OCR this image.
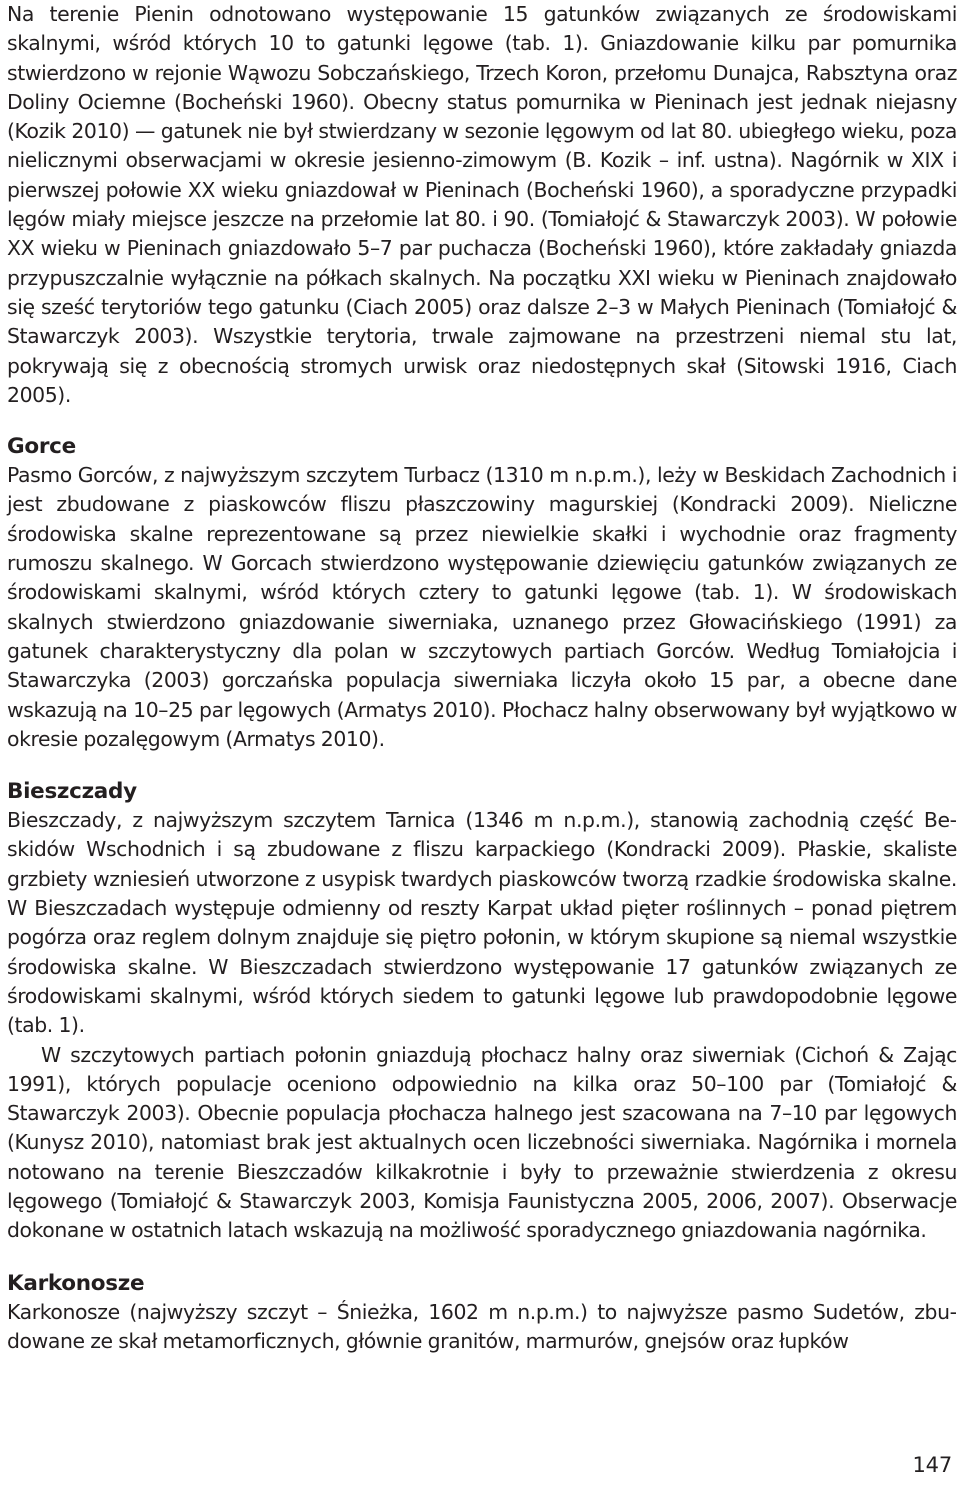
Na terenie Pienin odnotowano występowanie 15 gatunków związanych ze środowiskami skalnymi, wśród których 10 to gatunki lęgowe (tab. 1). Gniazdowanie kilku par pomurnika stwierdzono w rejonie Wąwozu Sobczańskiego, Trzech Koron, przełomu Dunajca, Rabsztyna oraz Doliny Ociemne (Bocheński 1960). Obecny status pomurnika w Pieninach jest jednak niejasny (Kozik 2010) — gatunek nie był stwierdzany w sezonie lęgowym od lat 80. ubiegłego wieku, poza nielicznymi obserwacjami w okresie jesienno-zimowym (B. Kozik – inf. ustna). Nagórnik w XIX i pierwszej połowie XX wieku gniazdował w Pieninach (Bocheński 1960), a sporadyczne przypadki lęgów miały miejsce jeszcze na przełomie lat 80. i 90. (Tomiałojć & Stawarczyk 2003). W połowie XX wieku w Pieninach gniazdowało 5–7 par puchacza (Bocheński 1960), które zakładały gniazda przypuszczalnie wyłącznie na półkach skalnych. Na początku XXI wieku w Pieninach znajdowało się sześć terytoriów tego gatunku (Ciach 2005) oraz dalsze 2–3 w Małych Pieninach (Tomiałojć & Stawarczyk 2003). Wszystkie terytoria, trwale zajmowane na przestrzeni niemal stu lat, pokrywają się z obecnością stromych urwisk oraz niedostępnych skał (Sitowski 1916, Ciach 2005).

Gorce

Pasmo Gorców, z najwyższym szczytem Turbacz (1310 m n.p.m.), leży w Beskidach Zachodnich i jest zbudowane z piaskowców fliszu płaszczowiny magurskiej (Kondracki 2009). Nieliczne środowiska skalne reprezentowane są przez niewielkie skałki i wychodnie oraz fragmenty rumoszu skalnego. W Gorcach stwierdzono występowanie dziewięciu gatunków związanych ze środowiskami skalnymi, wśród których cztery to gatunki lęgowe (tab. 1). W środowiskach skalnych stwierdzono gniazdowanie siwerniaka, uznanego przez Głowacińskiego (1991) za gatunek charakterystyczny dla polan w szczytowych partiach Gorców. Według Tomiałojcia i Stawarczyka (2003) gorczańska populacja siwerniaka liczyła około 15 par, a obecne dane wskazują na 10–25 par lęgowych (Armatys 2010). Płochacz halny obserwowany był wyjątkowo w okresie pozalęgowym (Armatys 2010).

Bieszczady

Bieszczady, z najwyższym szczytem Tarnica (1346 m n.p.m.), stanowią zachodnią część Beskidów Wschodnich i są zbudowane z fliszu karpackiego (Kondracki 2009). Płaskie, skaliste grzbiety wzniesień utworzone z usypisk twardych piaskowców tworzą rzadkie środowiska skalne. W Bieszczadach występuje odmienny od reszty Karpat układ pięter roślinnych – ponad piętrem pogórza oraz reglem dolnym znajduje się piętro połonin, w którym skupione są niemal wszystkie środowiska skalne. W Bieszczadach stwierdzono występowanie 17 gatunków związanych ze środowiskami skalnymi, wśród których siedem to gatunki lęgowe lub prawdopodobnie lęgowe (tab. 1).

W szczytowych partiach połonin gniazdują płochacz halny oraz siwerniak (Cichoń & Zając 1991), których populacje oceniono odpowiednio na kilka oraz 50–100 par (Tomiałojć & Stawarczyk 2003). Obecnie populacja płochacza halnego jest szacowana na 7–10 par lęgowych (Kunysz 2010), natomiast brak jest aktualnych ocen liczebności siwerniaka. Nagórnika i mornela notowano na terenie Bieszczadów kilkakrotnie i były to przeważnie stwierdzenia z okresu lęgowego (Tomiałojć & Stawarczyk 2003, Komisja Faunistyczna 2005, 2006, 2007). Obserwacje dokonane w ostatnich latach wskazują na możliwość sporadycznego gniazdowania nagórnika.

Karkonosze

Karkonosze (najwyższy szczyt – Śnieżka, 1602 m n.p.m.) to najwyższe pasmo Sudetów, zbudowane ze skał metamorficznych, głównie granitów, marmurów, gnejsów oraz łupków

147
